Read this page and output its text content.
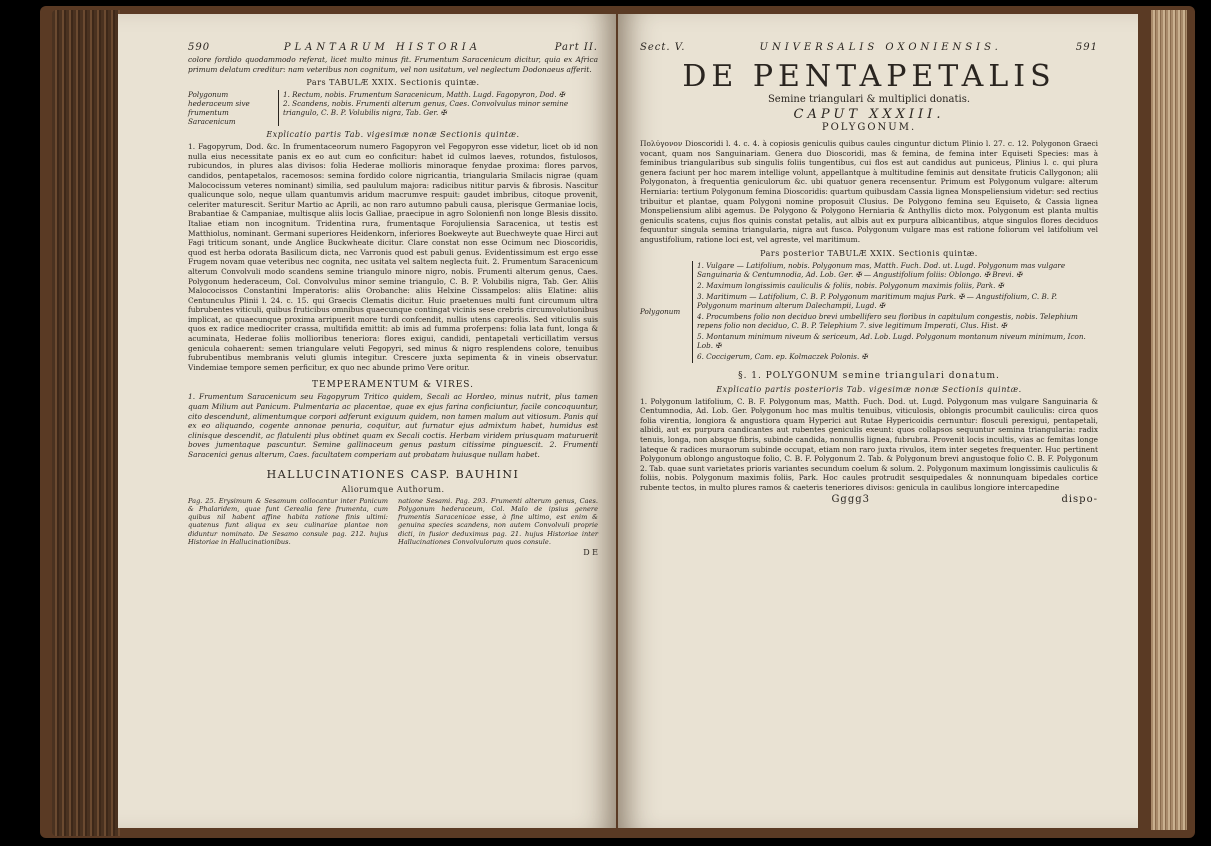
590	PLANTARUM HISTORIA	Part II.

colore fordido quodammodo referat, licet multo minus fit. Frumentum Saracenicum dicitur, quia ex Africa primum delatum creditur: nam veteribus non cognitum, vel non usitatum, vel neglectum Dodonaeus afferit.

Pars TABULÆ XXIX. Sectionis quintæ.
Polygonum hederaceum sive frumentum Saracenicum
1. Rectum, nobis. Frumentum Saracenicum, Matth. Lugd. Fagopyron, Dod. ✠
2. Scandens, nobis. Frumenti alterum genus, Caes. Convolvulus minor semine triangulo, C. B. P. Volubilis nigra, Tab. Ger. ✠
Explicatio partis Tab. vigesimæ nonæ Sectionis quintæ.

1. Fagopyrum, Dod. &c. In frumentaceorum numero Fagopyron vel Fegopyron esse videtur, licet ob id non nulla eius necessitate panis ex eo aut cum eo conficitur: habet id culmos laeves, rotundos, fistulosos, rubicundos, in plures alas divisos: folia Hederae mollioris minoraque fenydae proxima: flores parvos, candidos, pentapetalos, racemosos: semina fordido colore nigricantia, triangularia Smilacis nigrae (quam Malococissum veteres nominant) similia, sed paululum majora: radicibus nititur parvis & fibrosis. Nascitur qualicunque solo, neque ullam quantumvis aridum macrumve respuit: gaudet imbribus, citoque provenit, celeriter maturescit. Seritur Martio ac Aprili, ac non raro autumno pabuli causa, plerisque Germaniae locis, Brabantiae & Campaniae, multisque aliis locis Galliae, praecipue in agro Solonienfi non longe Blesis dissito. Italiae etiam non incognitum. Tridentina rura, frumentaque Forojuliensia Saracenica, ut testis est Matthiolus, nominant. Germani superiores Heidenkorn, inferiores Boekweyte aut Buechweyte quae Hirci aut Fagi triticum sonant, unde Anglice Buckwheate dicitur. Clare constat non esse Ocimum nec Dioscoridis, quod est herba odorata Basilicum dicta, nec Varronis quod est pabuli genus. Evidentissimum est ergo esse Frugem novam quae veteribus nec cognita, nec usitata vel saltem neglecta fuit. 2. Frumentum Saracenicum alterum Convolvuli modo scandens semine triangulo minore nigro, nobis. Frumenti alterum genus, Caes. Polygonum hederaceum, Col. Convolvulus minor semine triangulo, C. B. P. Volubilis nigra, Tab. Ger. Aliis Malococissos Constantini Imperatoris: aliis Orobanche: aliis Helxine Cissampelos: aliis Elatine: aliis Centunculus Plinii l. 24. c. 15. qui Graecis Clematis dicitur. Huic praetenues multi funt circumum ultra fubrubentes viticuli, quibus fruticibus omnibus quaecunque contingat vicinis sese crebris circumvolutionibus implicat, ac quaecunque proxima arripuerit more turdi confcendit, nullis utens capreolis. Sed viticulis suis quos ex radice mediocriter crassa, multifida emittit: ab imis ad fumma proferpens: folia lata funt, longa & acuminata, Hederae foliis mollioribus teneriora: flores exigui, candidi, pentapetali verticillatim versus genicula cohaerent: semen triangulare veluti Fegopyri, sed minus & nigro resplendens colore, tenuibus fubrubentibus membranis veluti glumis integitur. Crescere juxta sepimenta & in vineis observatur. Vindemiae tempore semen perficitur, ex quo nec abunde primo Vere oritur.

TEMPERAMENTUM & VIRES.

1. Frumentum Saracenicum seu Fagopyrum Tritico quidem, Secali ac Hordeo, minus nutrit, plus tamen quam Milium aut Panicum. Pulmentaria ac placentae, quae ex ejus farina conficiuntur, facile concoquuntur, cito descendunt, alimentumque corpori adferunt exiguum quidem, non tamen malum aut vitiosum. Panis qui ex eo aliquando, cogente annonae penuria, coquitur, aut furnatur ejus admixtum habet, humidus est clinisque descendit, ac flatulenti plus obtinet quam ex Secali coctis. Herbam viridem priusquam maturuerit boves jumentaque pascuntur. Semine gallinaceum genus pastum citissime pinguescit. 2. Frumenti Saracenici genus alterum, Caes. facultatem comperiam aut probatam huiusque nullam habet.

HALLUCINATIONES CASP. BAUHINI
Aliorumque Authorum.
Pag. 25. Erysimum & Sesamum collocantur inter Panicum & Phalaridem, quae funt Cerealia fere frumenta, cum quibus nil habent affine habita ratione finis ultimi: quatenus funt aliqua ex seu culinariae plantae non diduntur nominato. De Sesamo consule pag. 212. hujus Historiae in Hallucinationibus.
natione Sesami. Pag. 293. Frumenti alterum genus, Caes. Polygonum hederaceum, Col. Malo de ipsius genere frumentis Saracenicae esse, à fine ultimo, est enim & genuina species scandens, non autem Convolvuli proprie dicti, in fusior deduximus pag. 21. hujus Historiae inter Hallucinationes Convolvulorum quos consule.
D E
Sect. V.	UNIVERSALIS OXONIENSIS.	591
DE PENTAPETALIS

Semine triangulari & multiplici donatis.

CAPUT XXXIII.

POLYGONUM.

Πολύγονον Dioscoridi l. 4. c. 4. à copiosis geniculis quibus caules cinguntur dictum Plinio l. 27. c. 12. Polygonon Graeci vocant, quam nos Sanguinariam. Genera duo Dioscoridi, mas & femina, de femina inter Equiseti Species: mas à feminibus triangularibus sub singulis foliis tungentibus, cui flos est aut candidus aut puniceus, Plinius l. c. qui plura genera faciunt per hoc marem intellige volunt, appellantque à multitudine feminis aut densitate fruticis Callygonon; alii Polygonaton, à frequentia geniculorum &c. ubi quatuor genera recensentur. Primum est Polygonum vulgare: alterum Herniaria: tertium Polygonum femina Dioscoridis: quartum quibusdam Cassia lignea Monspeliensium videtur: sed rectius tribuitur et plantae, quam Polygoni nomine proposuit Clusius. De Polygono femina seu Equiseto, & Cassia lignea Monspeliensium alibi agemus. De Polygono & Polygono Herniaria & Anthyllis dicto mox. Polygonum est planta multis geniculis scatens, cujus flos quinis constat petalis, aut albis aut ex purpura albicantibus, atque singulos flores deciduos fequuntur singula semina triangularia, nigra aut fusca. Polygonum vulgare mas est ratione foliorum vel latifolium vel angustifolium, ratione loci est, vel agreste, vel maritimum.

Pars posterior TABULÆ XXIX. Sectionis quintæ.
Polygonum
1. Vulgare — Latifolium, nobis. Polygonum mas, Matth. Fuch. Dod. ut. Lugd. Polygonum mas vulgare Sanguinaria & Centumnodia, Ad. Lob. Ger. ✠ — Angustifolium foliis: Oblongo. ✠ Brevi. ✠
2. Maximum longissimis cauliculis & foliis, nobis. Polygonum maximis foliis, Park. ✠
3. Maritimum — Latifolium, C. B. P. Polygonum maritimum majus Park. ✠ — Angustifolium, C. B. P. Polygonum marinum alterum Dalechampii, Lugd. ✠
4. Procumbens folio non deciduo brevi umbellifero seu floribus in capitulum congestis, nobis. Telephium repens folio non deciduo, C. B. P. Telephium 7. sive legitimum Imperati, Clus. Hist. ✠
5. Montanum minimum niveum & sericeum, Ad. Lob. Lugd. Polygonum montanum niveum minimum, Icon. Lob. ✠
6. Coccigerum, Cam. ep. Kolmaczek Polonis. ✠
§. 1. POLYGONUM semine triangulari donatum.
Explicatio partis posterioris Tab. vigesimæ nonæ Sectionis quintæ.

1. Polygonum latifolium, C. B. F. Polygonum mas, Matth. Fuch. Dod. ut. Lugd. Polygonum mas vulgare Sanguinaria & Centumnodia, Ad. Lob. Ger. Polygonum hoc mas multis tenuibus, viticulosis, oblongis procumbit cauliculis: circa quos folia virentia, longiora & angustiora quam Hyperici aut Rutae Hypericoidis cernuntur: flosculi perexigui, pentapetali, albidi, aut ex purpura candicantes aut rubentes geniculis exeunt: quos collapsos sequuntur semina triangularia: radix tenuis, longa, non absque fibris, subinde candida, nonnullis lignea, fubrubra. Provenit locis incultis, vias ac femitas longe lateque & radices muraorum subinde occupat, etiam non raro juxta rivulos, item inter segetes frequenter. Huc pertinent Polygonum oblongo angustoque folio, C. B. F. Polygonum 2. Tab. & Polygonum brevi angustoque folio C. B. F. Polygonum 2. Tab. quae sunt varietates prioris variantes secundum coelum & solum. 2. Polygonum maximum longissimis cauliculis & foliis, nobis. Polygonum maximis foliis, Park. Hoc caules protrudit sesquipedales & nonnunquam bipedales cortice rubente tectos, in multo plures ramos & caeteris teneriores divisos: genicula in caulibus longiore intercapedine

Gggg3	dispo-
